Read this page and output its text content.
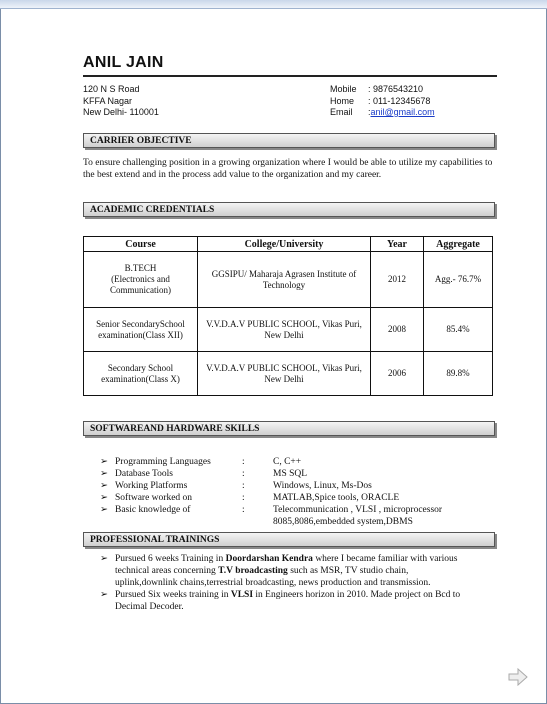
ANIL JAIN
120 N S Road
KFFA Nagar
New Delhi- 110001
Mobile	: 9876543210
Home	: 011-12345678
Email	: anil@gmail.com
CARRIER OBJECTIVE
To ensure challenging position in a growing organization where I would be able to utilize my capabilities to the best extend and in the process add value to the organization and my career.
ACADEMIC CREDENTIALS
Course	College/University	Year	Aggregate

B.TECH
(Electronics and Communication)	GGSIPU/ Maharaja Agrasen Institute of Technology	2012	Agg.- 76.7%
Senior SecondarySchool examination(Class XII)	V.V.D.A.V PUBLIC SCHOOL, Vikas Puri, New Delhi	2008	85.4%
Secondary School examination(Class X)	V.V.D.A.V PUBLIC SCHOOL, Vikas Puri, New Delhi	2006	89.8%
SOFTWAREAND HARDWARE SKILLS
➢ Programming Languages	:	C, C++
➢ Database Tools	:	MS SQL
➢ Working Platforms	:	Windows, Linux, Ms-Dos
➢ Software worked on	:	MATLAB,Spice tools, ORACLE
➢ Basic knowledge of	:	Telecommunication , VLSI , microprocessor 8085,8086,embedded system,DBMS
PROFESSIONAL TRAININGS
➢ Pursued 6 weeks Training in Doordarshan Kendra where I became familiar with various technical areas concerning T.V broadcasting such as MSR, TV studio chain, uplink,downlink chains,terrestrial broadcasting, news production and transmission.
➢ Pursued Six weeks training in VLSI in Engineers horizon in 2010. Made project on Bcd to Decimal Decoder.
